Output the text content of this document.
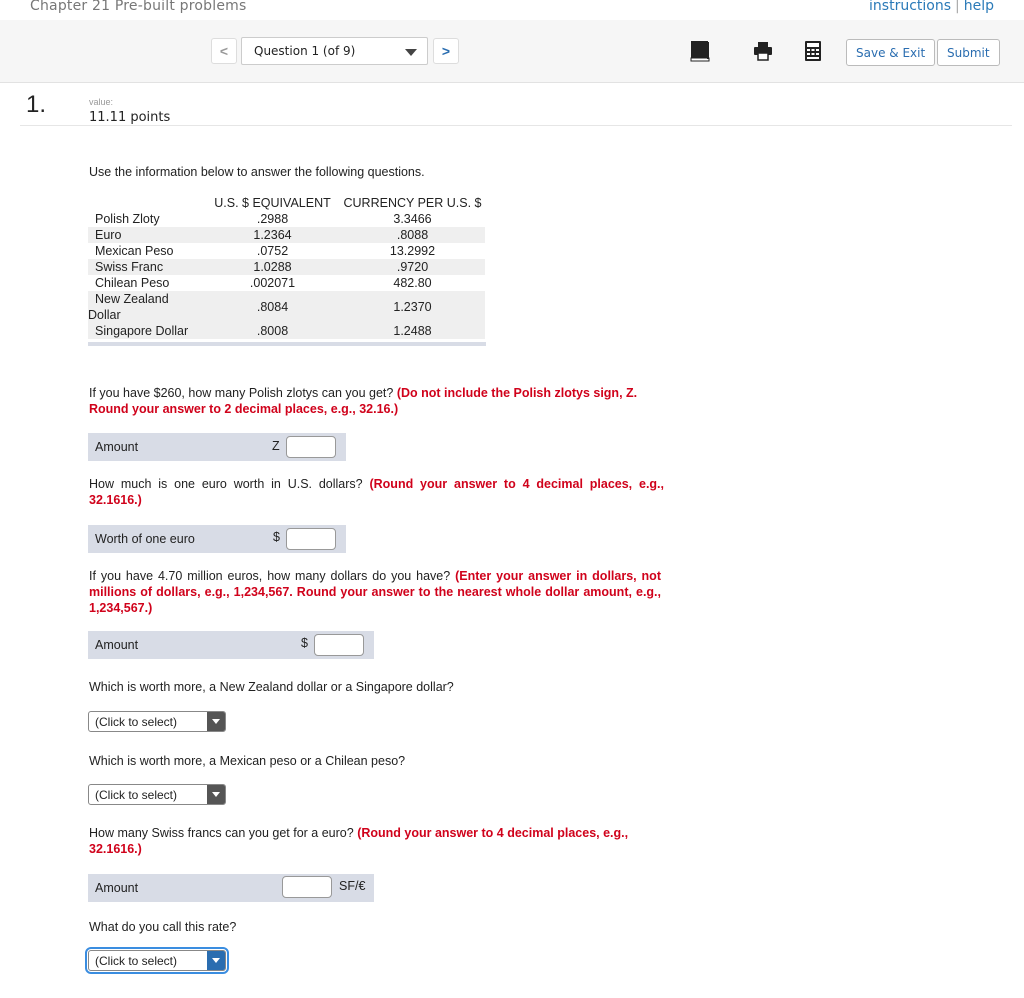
Chapter 21 Pre-built problems	instructions | help
<	Question 1 (of 9)	>	Save & Exit	Submit
1.	value:
11.11 points
Use the information below to answer the following questions.
	U.S. $ EQUIVALENT	CURRENCY PER U.S. $
Polish Zloty	.2988	3.3466
Euro	1.2364	.8088
Mexican Peso	.0752	13.2992
Swiss Franc	1.0288	.9720
Chilean Peso	.002071	482.80
New Zealand
Dollar	.8084	1.2370
Singapore Dollar	.8008	1.2488
If you have $260, how many Polish zlotys can you get? (Do not include the Polish zlotys sign, Z. Round your answer to 2 decimal places, e.g., 32.16.)
Amount	Z
How much is one euro worth in U.S. dollars? (Round your answer to 4 decimal places, e.g., 32.1616.)
Worth of one euro	$
If you have 4.70 million euros, how many dollars do you have? (Enter your answer in dollars, not millions of dollars, e.g., 1,234,567. Round your answer to the nearest whole dollar amount, e.g., 1,234,567.)
Amount	$
Which is worth more, a New Zealand dollar or a Singapore dollar?
(Click to select)
Which is worth more, a Mexican peso or a Chilean peso?
(Click to select)
How many Swiss francs can you get for a euro? (Round your answer to 4 decimal places, e.g., 32.1616.)
Amount	SF/€
What do you call this rate?
(Click to select)
